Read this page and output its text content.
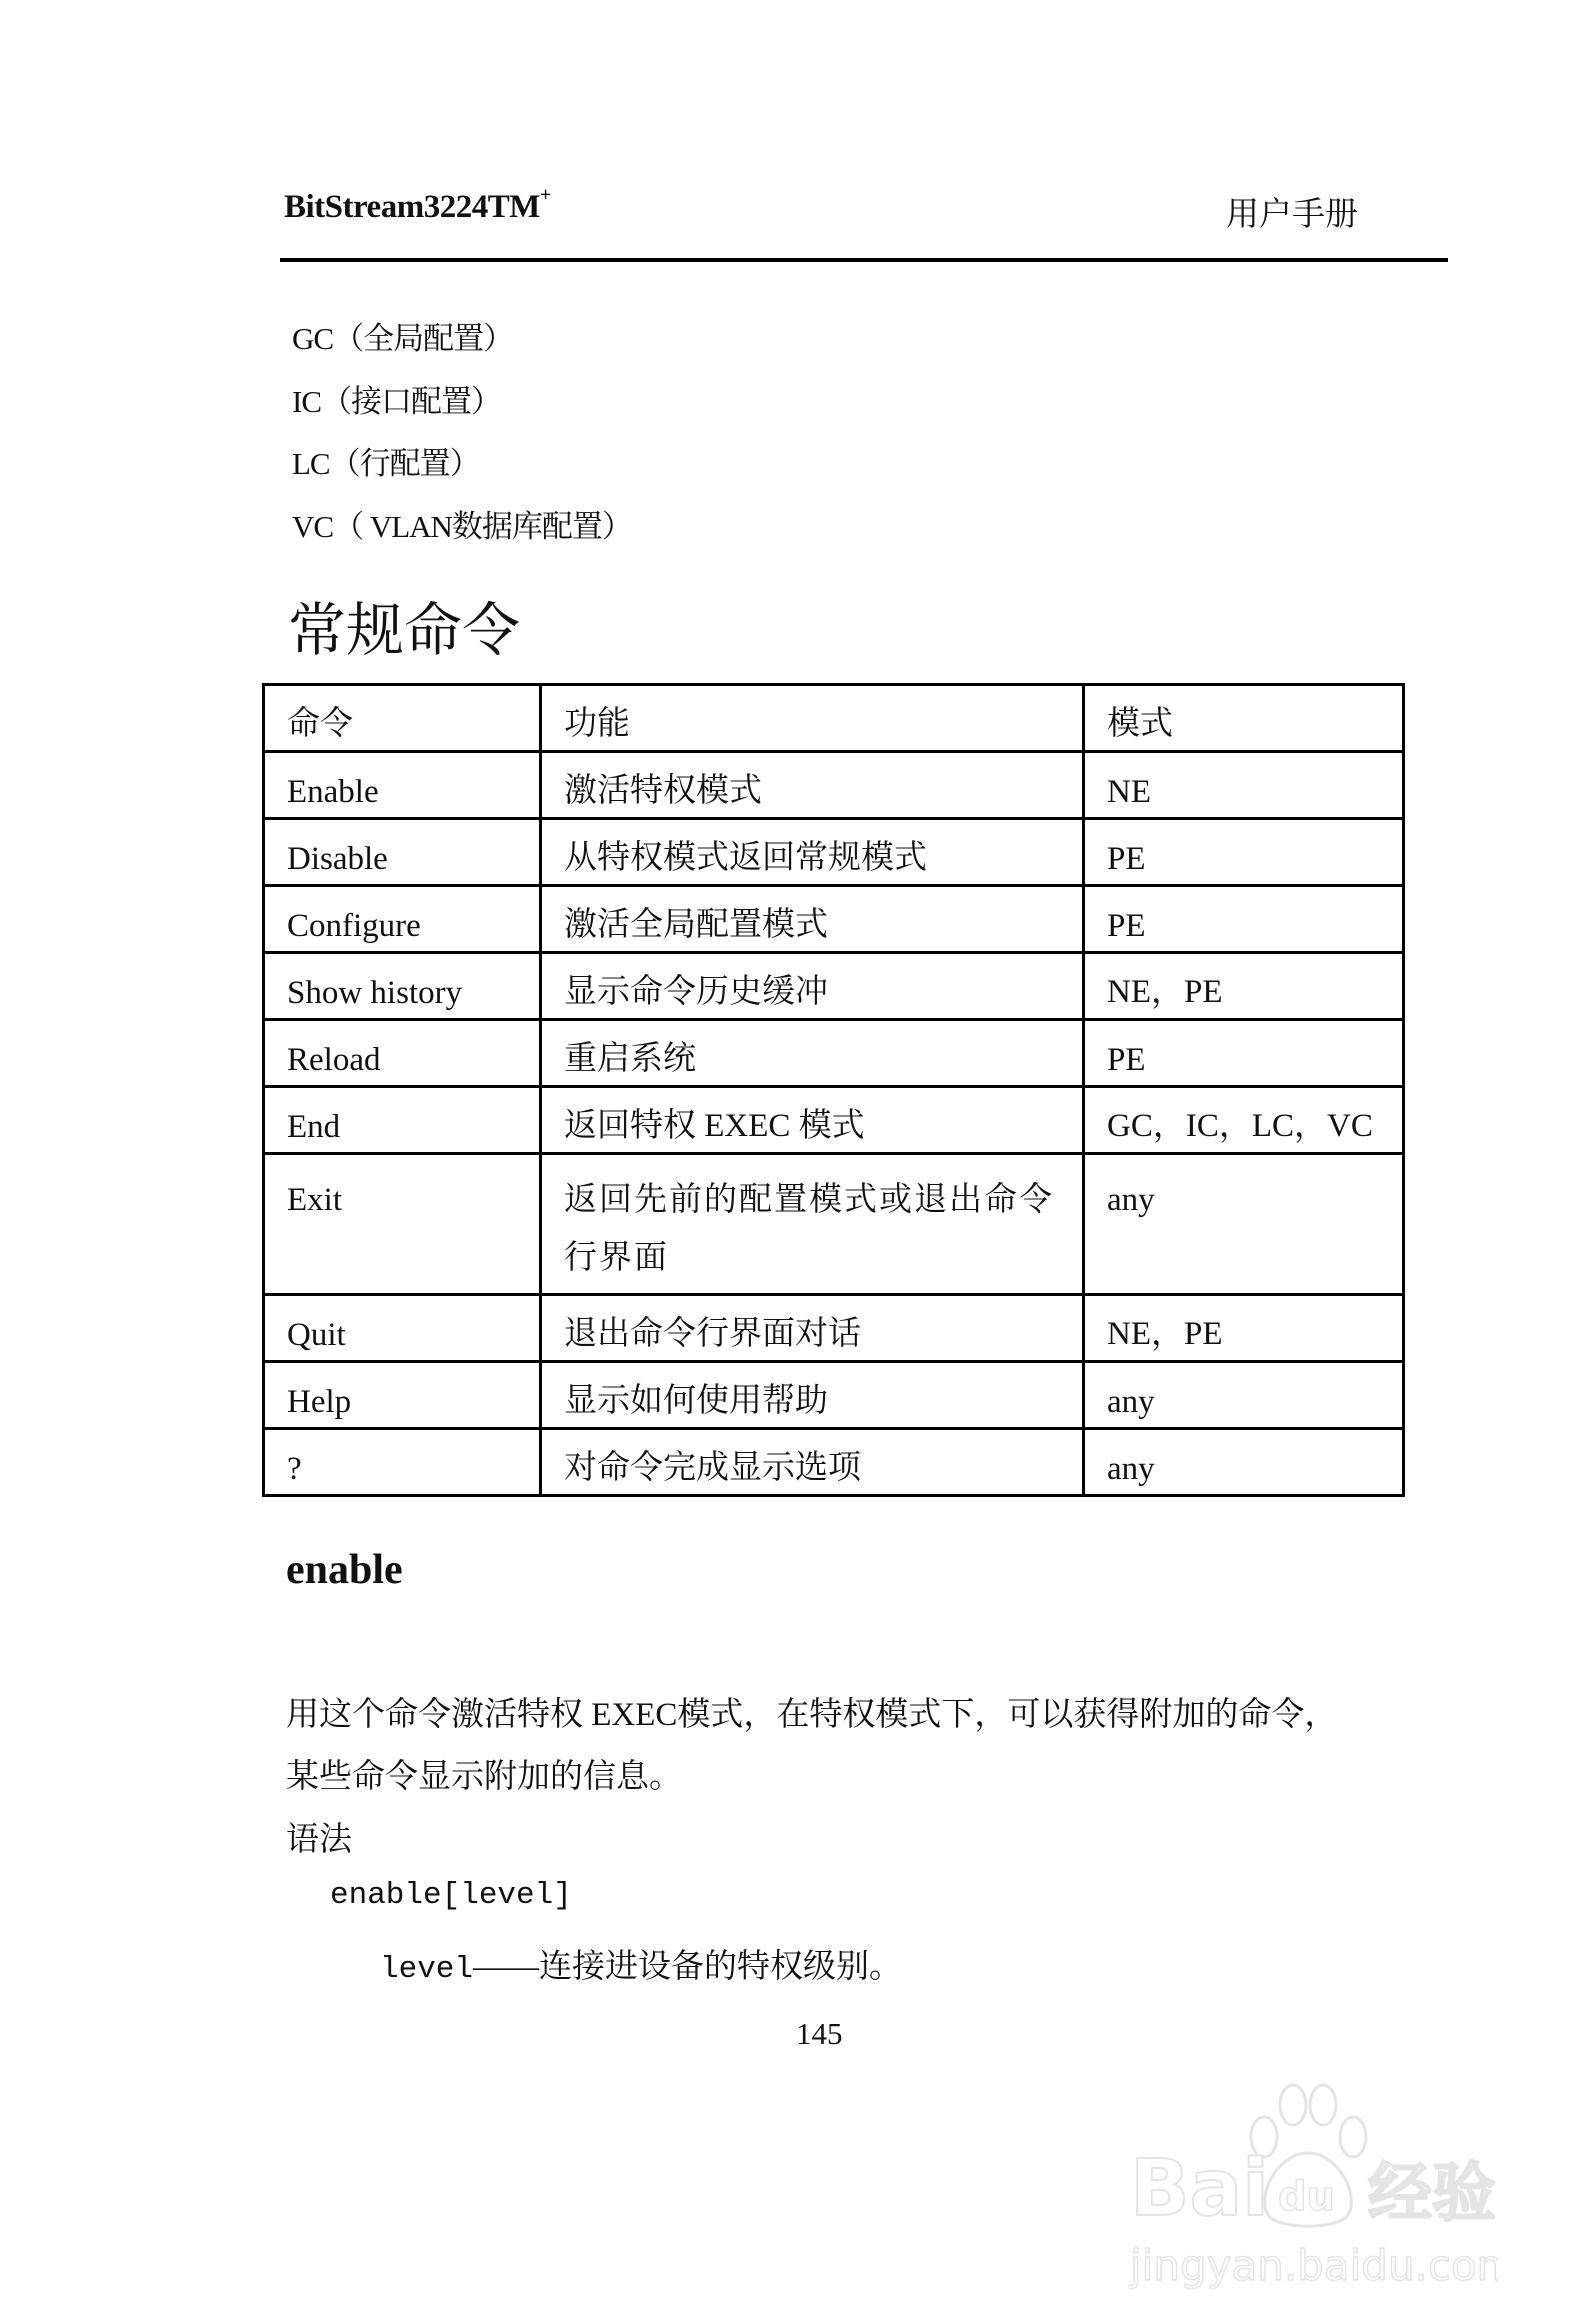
BitStream3224TM+
用户手册
GC（全局配置）
IC（接口配置）
LC（行配置）
VC（ VLAN数据库配置）
常规命令
命令	功能	模式
Enable	激活特权模式	NE
Disable	从特权模式返回常规模式	PE
Configure	激活全局配置模式	PE
Show history	显示命令历史缓冲	NE，PE
Reload	重启系统	PE
End	返回特权 EXEC 模式	GC，IC，LC，VC
Exit	返回先前的配置模式或退出命令行界面	any
Quit	退出命令行界面对话	NE，PE
Help	显示如何使用帮助	any
?	对命令完成显示选项	any
enable
用这个命令激活特权 EXEC模式，在特权模式下，可以获得附加的命令，
某些命令显示附加的信息。
语法
enable[level]
level——连接进设备的特权级别。
145
Bai du 经验
jingyan.baidu.com
